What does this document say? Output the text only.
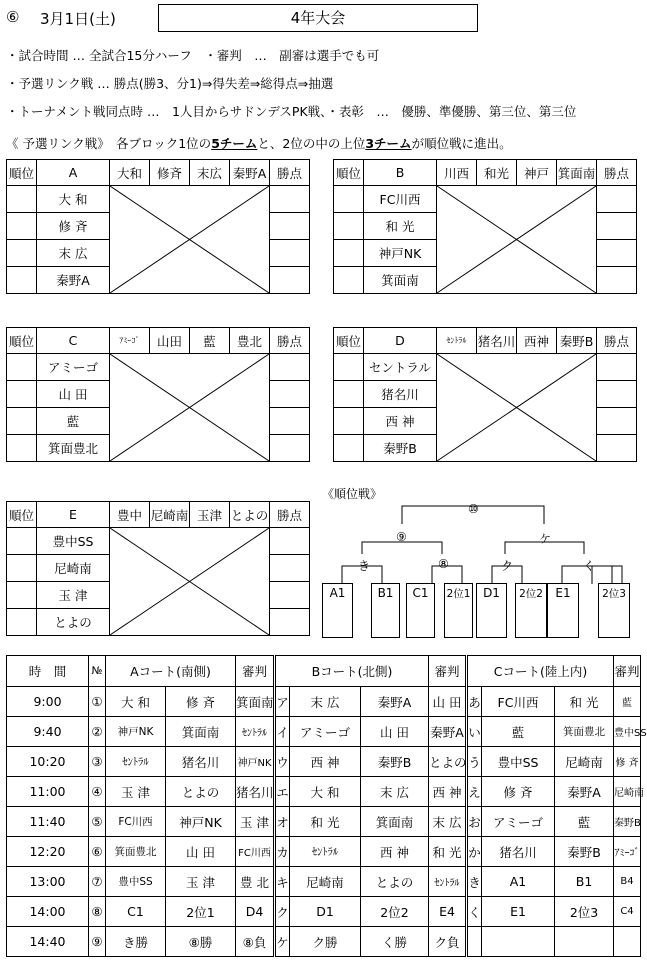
⑥ 3月1日(土)	4年大会
・試合時間 … 全試合15分ハーフ　・審判　…　副審は選手でも可
・予選リンク戦 … 勝点(勝3、分1)⇒得失差⇒総得点⇒抽選
・トーナメント戦同点時 …　1人目からサドンデスPK戦、・表彰　…　優勝、準優勝、第三位、第三位
《 予選リンク戦》　各ブロック1位の5チームと、2位の中の上位3チームが順位戦に進出。
順位	A	大和	修斉	末広	秦野A	勝点
	大 和	

	修 斉					
	末 広					
	秦野A					
順位	B	川西	和光	神戸	箕面南	勝点
	FC川西	

	和 光					
	神戸NK					
	箕面南					
順位	C	ｱﾐｰｺﾞ	山田	藍	豊北	勝点
	アミーゴ	

	山 田					
	藍					
	箕面豊北					
順位	D	ｾﾝﾄﾗﾙ	猪名川	西神	秦野B	勝点
	セントラル	

	猪名川					
	西 神					
	秦野B					
順位	E	豊中	尼崎南	玉津	とよの	勝点
	豊中SS	

	尼崎南					
	玉 津					
	とよの					
《順位戦》
⑩
⑨	ケ
き	⑧	ク	く
A1	B1	C1	2位1	D1	2位2	E1	2位3
時　間	№	Aコート(南側)		審判	Bコート(北側)			審判	Cコート(陸上内)			審判
9:00	①	大 和	修 斉	箕面南	ア	末 広	秦野A	山 田	あ	FC川西	和 光	藍
9:40	②	神戸NK	箕面南	ｾﾝﾄﾗﾙ	イ	アミーゴ	山 田	秦野A	い	藍	箕面豊北	豊中SS
10:20	③	ｾﾝﾄﾗﾙ	猪名川	神戸NK	ウ	西 神	秦野B	とよの	う	豊中SS	尼崎南	修 斉
11:00	④	玉 津	とよの	猪名川	エ	大 和	末 広	西 神	え	修 斉	秦野A	尼崎南
11:40	⑤	FC川西	神戸NK	玉 津	オ	和 光	箕面南	末 広	お	アミーゴ	藍	秦野B
12:20	⑥	箕面豊北	山 田	FC川西	カ	ｾﾝﾄﾗﾙ	西 神	和 光	か	猪名川	秦野B	ｱﾐｰｺﾞ
13:00	⑦	豊中SS	玉 津	豊 北	キ	尼崎南	とよの	ｾﾝﾄﾗﾙ	き	A1	B1	B4
14:00	⑧	C1	2位1	D4	ク	D1	2位2	E4	く	E1	2位3	C4
14:40	⑨	き勝	⑧勝	⑧負	ケ	ク勝	く勝	ク負				
